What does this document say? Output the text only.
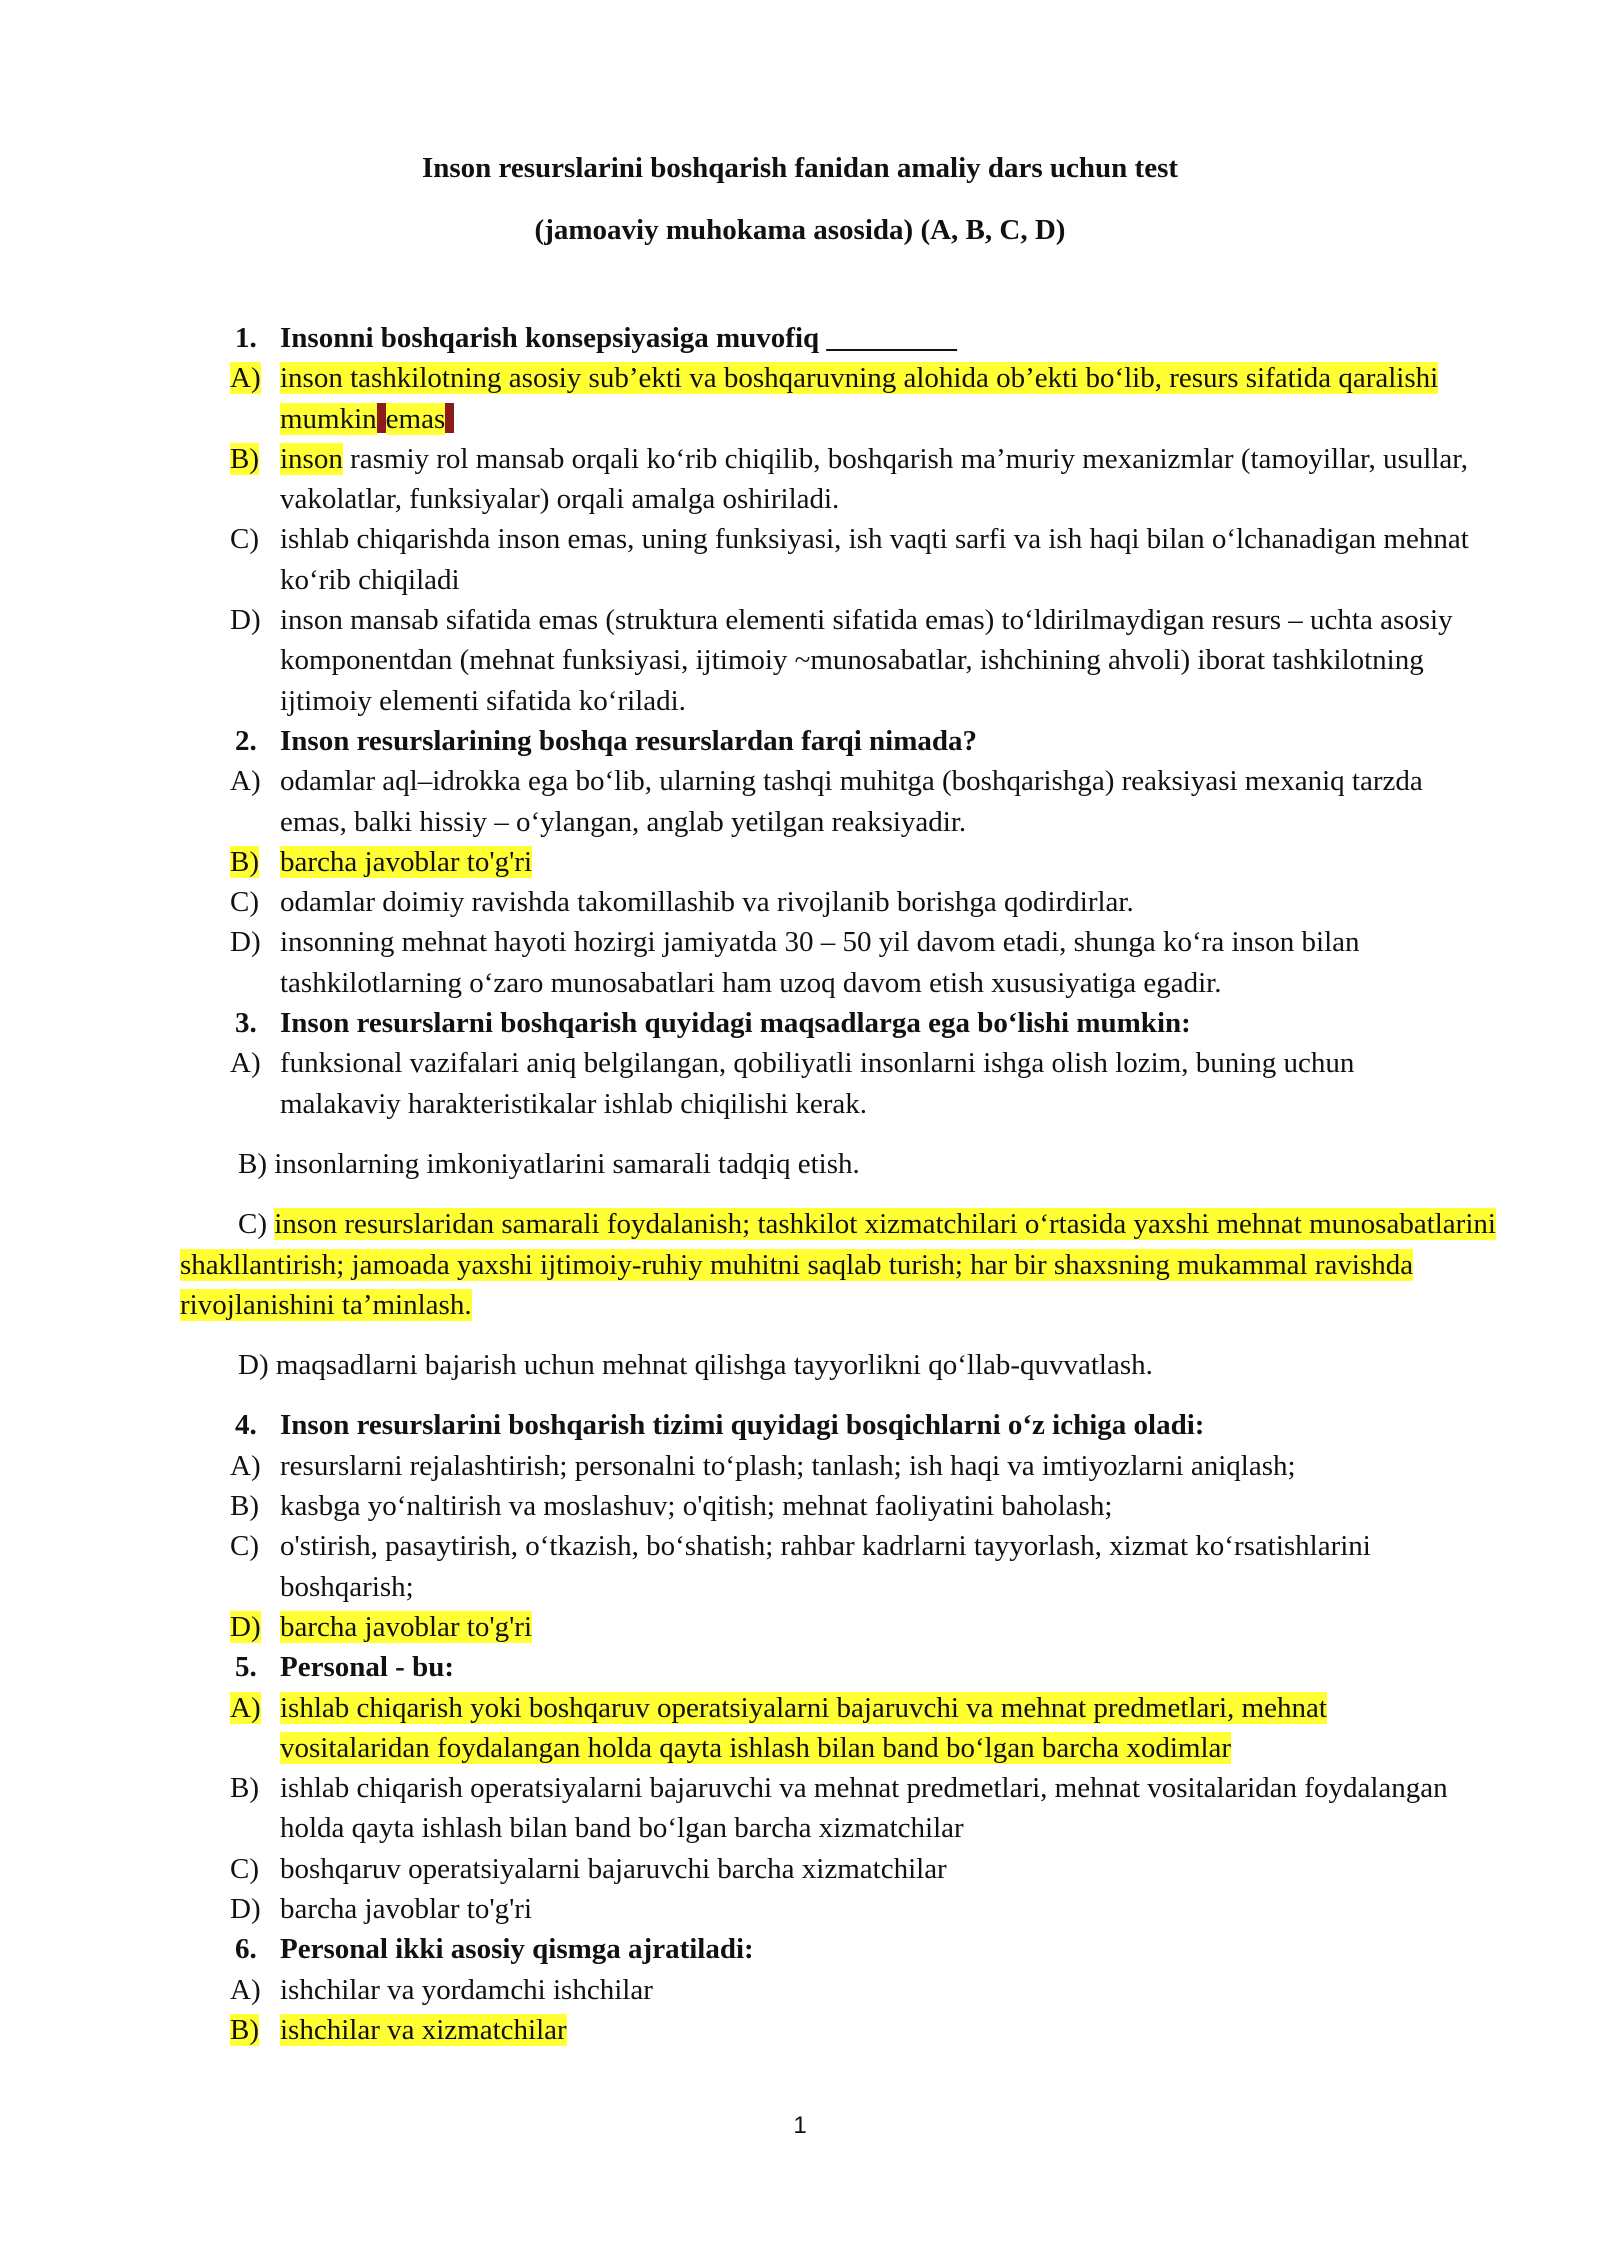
Inson resurslarini boshqarish fanidan amaliy dars uchun test
(jamoaviy muhokama asosida) (A, B, C, D)
1. Insonni boshqarish konsepsiyasiga muvofiq _________
A) inson tashkilotning asosiy sub’ekti va boshqaruvning alohida ob’ekti bo‘lib, resurs sifatida qaralishi mumkin emas
B) inson rasmiy rol mansab orqali ko‘rib chiqilib, boshqarish ma’muriy mexanizmlar (tamoyillar, usullar, vakolatlar, funksiyalar) orqali amalga oshiriladi.
C) ishlab chiqarishda inson emas, uning funksiyasi, ish vaqti sarfi va ish haqi bilan o‘lchanadigan mehnat ko‘rib chiqiladi
D) inson mansab sifatida emas (struktura elementi sifatida emas) to‘ldirilmaydigan resurs – uchta asosiy komponentdan (mehnat funksiyasi, ijtimoiy ~munosabatlar, ishchining ahvoli) iborat tashkilotning ijtimoiy elementi sifatida ko‘riladi.
2. Inson resurslarining boshqa resurslardan farqi nimada?
A) odamlar aql–idrokka ega bo‘lib, ularning tashqi muhitga (boshqarishga) reaksiyasi mexaniq tarzda emas, balki hissiy – o‘ylangan, anglab yetilgan reaksiyadir.
B) barcha javoblar to'g'ri
C) odamlar doimiy ravishda takomillashib va rivojlanib borishga qodirdirlar.
D) insonning mehnat hayoti hozirgi jamiyatda 30 – 50 yil davom etadi, shunga ko‘ra inson bilan tashkilotlarning o‘zaro munosabatlari ham uzoq davom etish xususiyatiga egadir.
3. Inson resurslarni boshqarish quyidagi maqsadlarga ega bo‘lishi mumkin:
A) funksional vazifalari aniq belgilangan, qobiliyatli insonlarni ishga olish lozim, buning uchun malakaviy harakteristikalar ishlab chiqilishi kerak.
B) insonlarning imkoniyatlarini samarali tadqiq etish.
C) inson resurslaridan samarali foydalanish; tashkilot xizmatchilari o‘rtasida yaxshi mehnat munosabatlarini shakllantirish; jamoada yaxshi ijtimoiy-ruhiy muhitni saqlab turish; har bir shaxsning mukammal ravishda rivojlanishini ta’minlash.
D) maqsadlarni bajarish uchun mehnat qilishga tayyorlikni qo‘llab-quvvatlash.
4. Inson resurslarini boshqarish tizimi quyidagi bosqichlarni o‘z ichiga oladi:
A) resurslarni rejalashtirish; personalni to‘plash; tanlash; ish haqi va imtiyozlarni aniqlash;
B) kasbga yo‘naltirish va moslashuv; o'qitish; mehnat faoliyatini baholash;
C) o'stirish, pasaytirish, o‘tkazish, bo‘shatish; rahbar kadrlarni tayyorlash, xizmat ko‘rsatishlarini boshqarish;
D) barcha javoblar to'g'ri
5. Personal - bu:
A) ishlab chiqarish yoki boshqaruv operatsiyalarni bajaruvchi va mehnat predmetlari, mehnat vositalaridan foydalangan holda qayta ishlash bilan band bo‘lgan barcha xodimlar
B) ishlab chiqarish operatsiyalarni bajaruvchi va mehnat predmetlari, mehnat vositalaridan foydalangan holda qayta ishlash bilan band bo‘lgan barcha xizmatchilar
C) boshqaruv operatsiyalarni bajaruvchi barcha xizmatchilar
D) barcha javoblar to'g'ri
6. Personal ikki asosiy qismga ajratiladi:
A) ishchilar va yordamchi ishchilar
B) ishchilar va xizmatchilar
1
